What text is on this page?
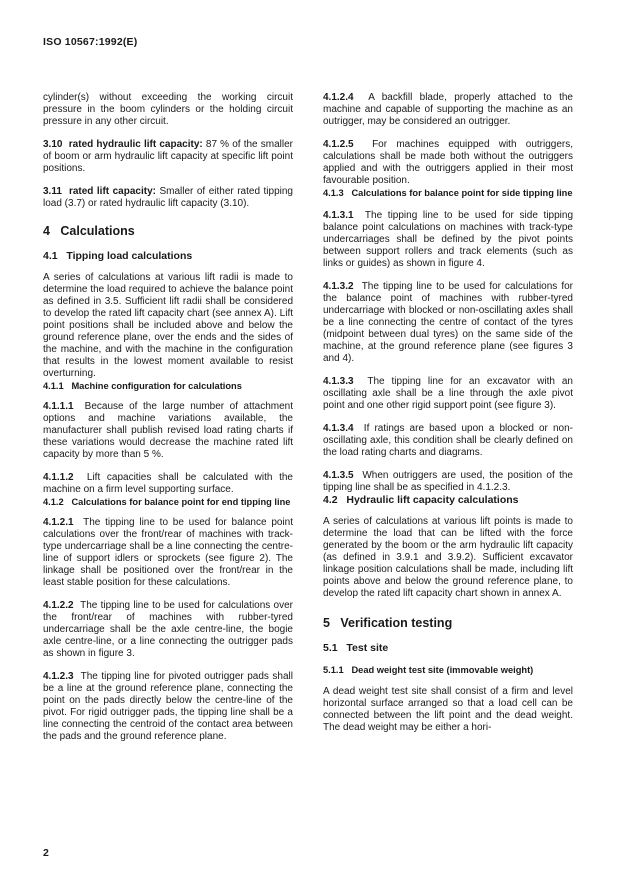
ISO 10567:1992(E)

cylinder(s) without exceeding the working circuit pressure in the boom cylinders or the holding circuit pressure in any other circuit.

3.10 rated hydraulic lift capacity: 87 % of the smaller of boom or arm hydraulic lift capacity at specific lift point positions.

3.11 rated lift capacity: Smaller of either rated tipping load (3.7) or rated hydraulic lift capacity (3.10).

4 Calculations
4.1 Tipping load calculations

A series of calculations at various lift radii is made to determine the load required to achieve the balance point as defined in 3.5. Sufficient lift radii shall be considered to develop the rated lift capacity chart (see annex A). Lift point positions shall be included above and below the ground reference plane, over the ends and the sides of the machine, and with the machine in the configuration that results in the lowest moment available to resist overturning.

4.1.1 Machine configuration for calculations

4.1.1.1 Because of the large number of attachment options and machine variations available, the manufacturer shall publish revised load rating charts if these variations would decrease the machine rated lift capacity by more than 5 %.

4.1.1.2 Lift capacities shall be calculated with the machine on a firm level supporting surface.

4.1.2 Calculations for balance point for end tipping line

4.1.2.1 The tipping line to be used for balance point calculations over the front/rear of machines with track-type undercarriage shall be a line connecting the centre-line of support idlers or sprockets (see figure 2). The linkage shall be positioned over the front/rear in the least stable position for these calculations.

4.1.2.2 The tipping line to be used for calculations over the front/rear of machines with rubber-tyred undercarriage shall be the axle centre-line, the bogie axle centre-line, or a line connecting the outrigger pads as shown in figure 3.

4.1.2.3 The tipping line for pivoted outrigger pads shall be a line at the ground reference plane, connecting the point on the pads directly below the centre-line of the pivot. For rigid outrigger pads, the tipping line shall be a line connecting the centroid of the contact area between the pads and the ground reference plane.

4.1.2.4 A backfill blade, properly attached to the machine and capable of supporting the machine as an outrigger, may be considered an outrigger.

4.1.2.5 For machines equipped with outriggers, calculations shall be made both without the outriggers applied and with the outriggers applied in their most favourable position.

4.1.3 Calculations for balance point for side tipping line

4.1.3.1 The tipping line to be used for side tipping balance point calculations on machines with track-type undercarriages shall be defined by the pivot points between support rollers and track elements (such as links or guides) as shown in figure 4.

4.1.3.2 The tipping line to be used for calculations for the balance point of machines with rubber-tyred undercarriage with blocked or non-oscillating axles shall be a line connecting the centre of contact of the tyres (midpoint between dual tyres) on the same side of the machine, at the ground reference plane (see figures 3 and 4).

4.1.3.3 The tipping line for an excavator with an oscillating axle shall be a line through the axle pivot point and one other rigid support point (see figure 3).

4.1.3.4 If ratings are based upon a blocked or non-oscillating axle, this condition shall be clearly defined on the load rating charts and diagrams.

4.1.3.5 When outriggers are used, the position of the tipping line shall be as specified in 4.1.2.3.

4.2 Hydraulic lift capacity calculations

A series of calculations at various lift points is made to determine the load that can be lifted with the force generated by the boom or the arm hydraulic lift capacity (as defined in 3.9.1 and 3.9.2). Sufficient excavator linkage position calculations shall be made, including lift points above and below the ground reference plane, to develop the rated lift capacity chart shown in annex A.

5 Verification testing
5.1 Test site
5.1.1 Dead weight test site (immovable weight)

A dead weight test site shall consist of a firm and level horizontal surface arranged so that a load cell can be connected between the lift point and the dead weight. The dead weight may be either a hori-

2
